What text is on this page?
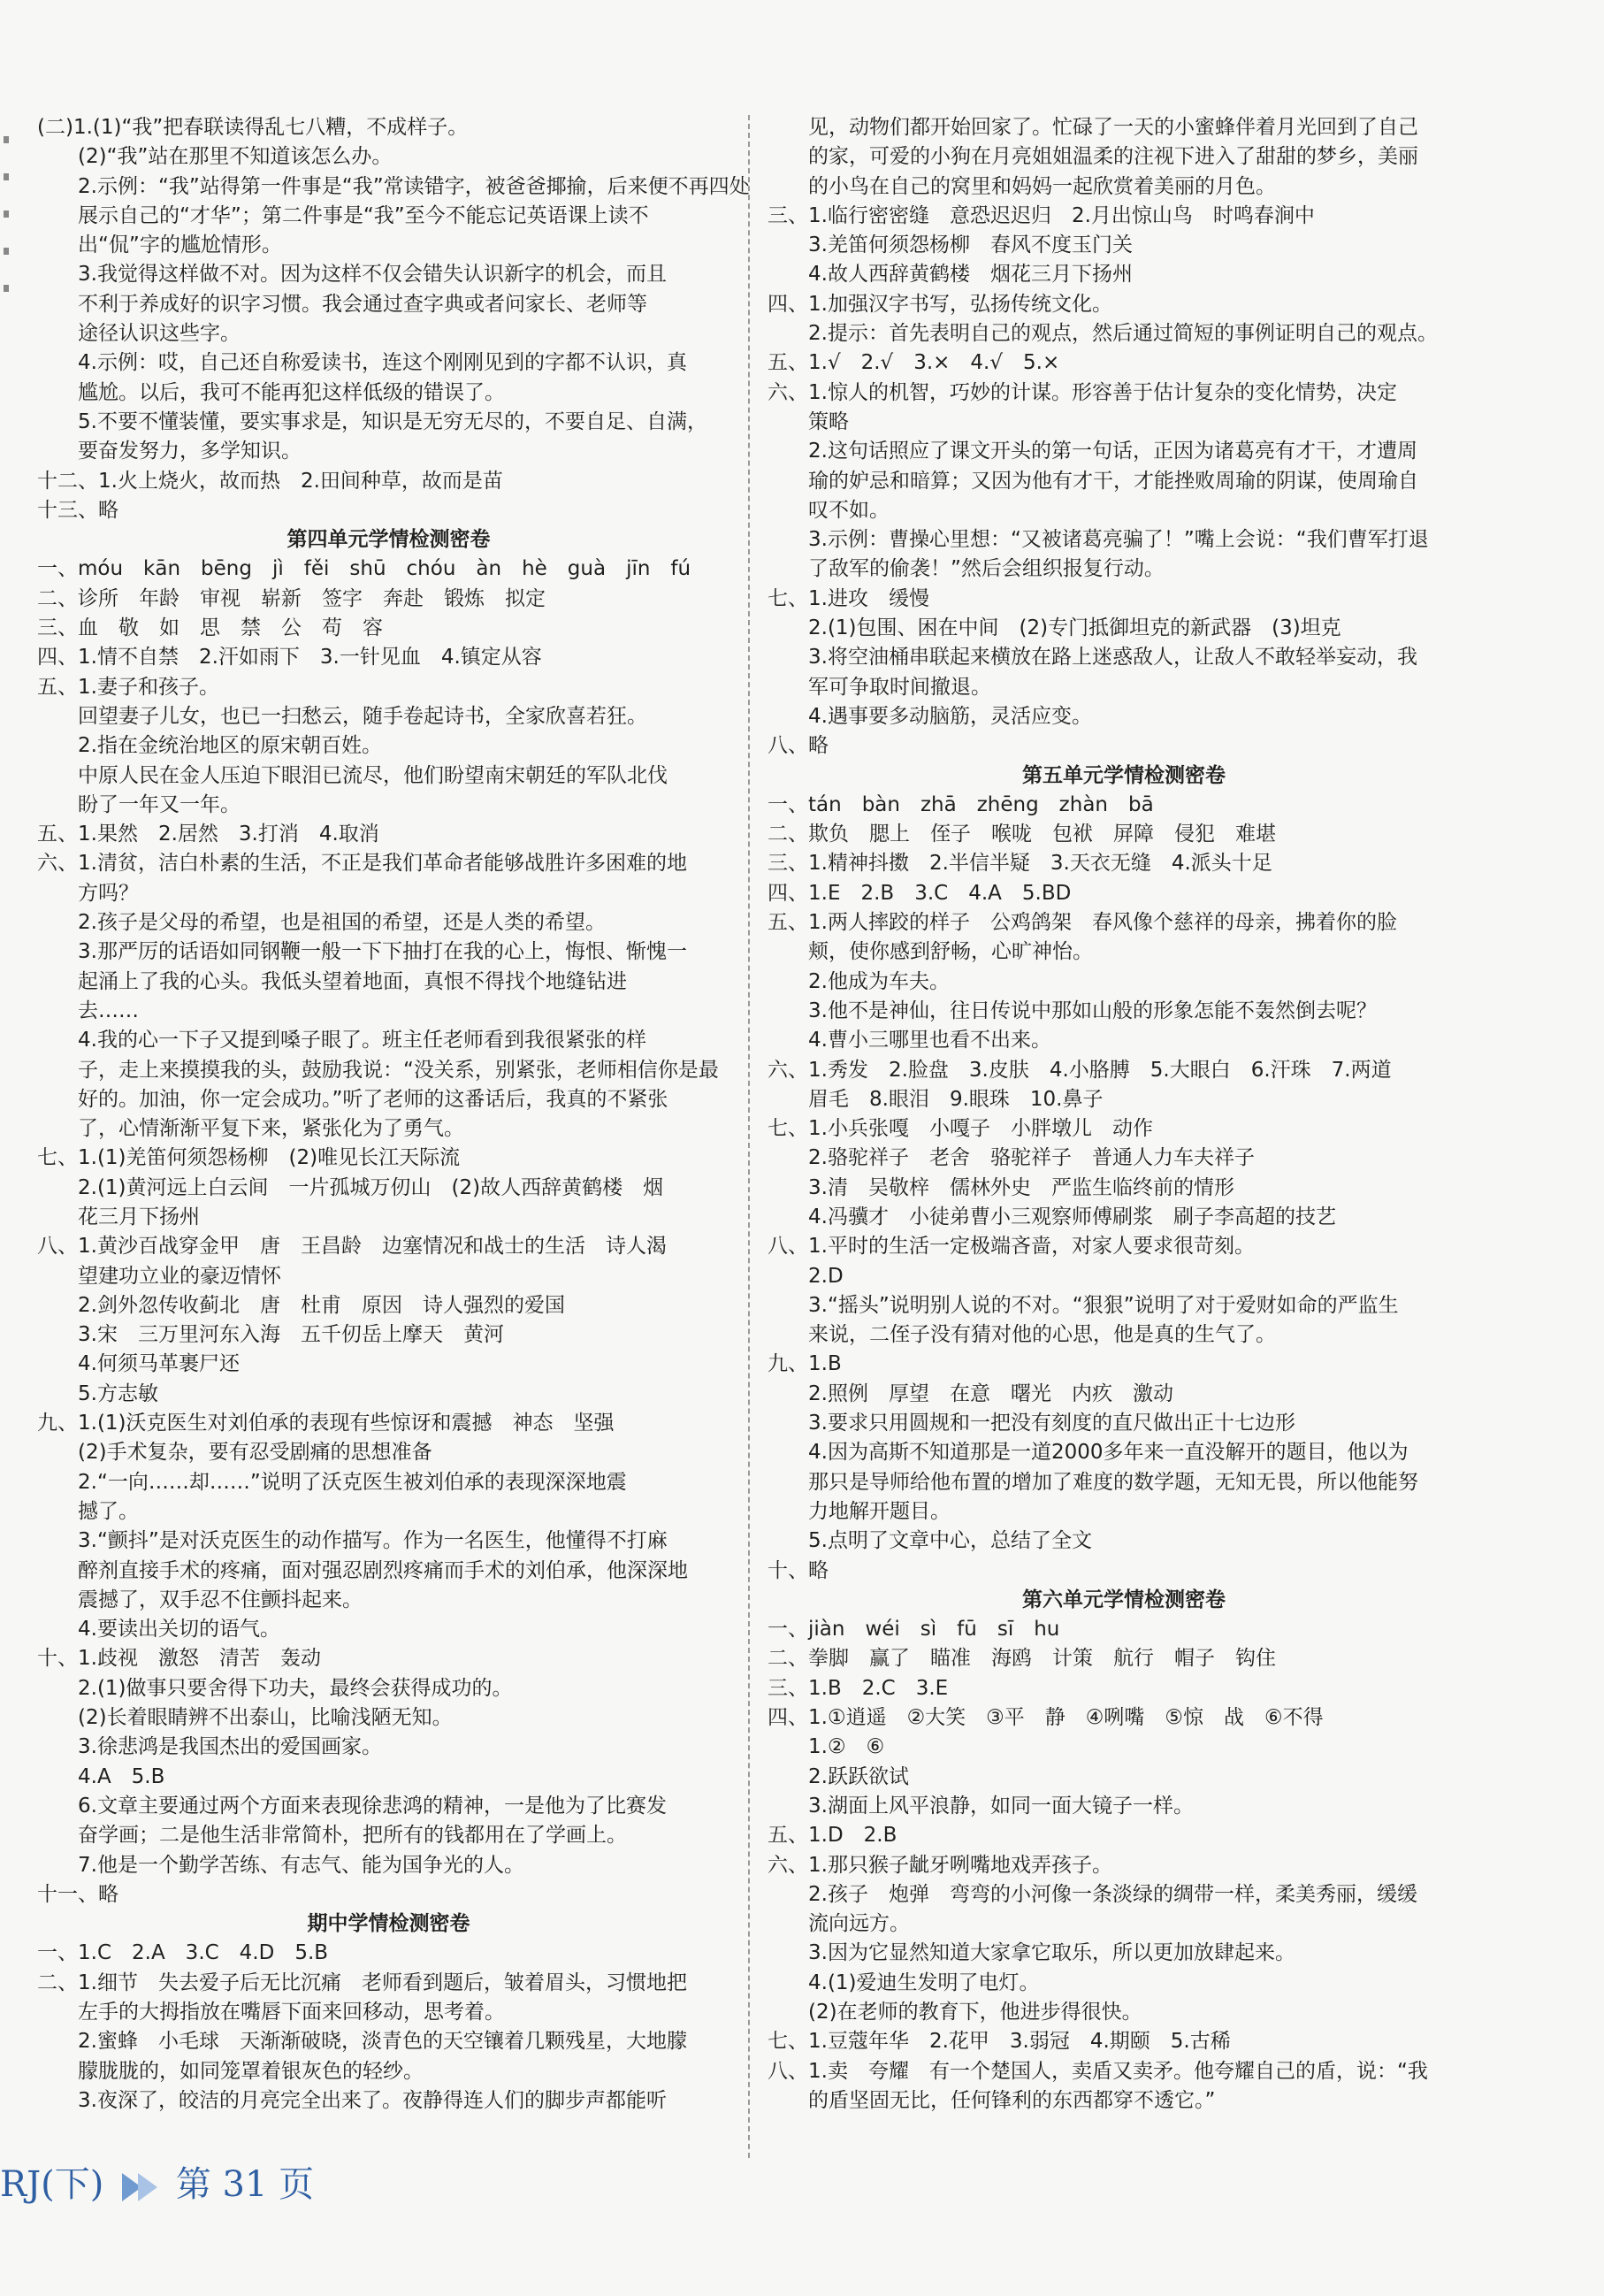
(二)1.(1)“我”把春联读得乱七八糟，不成样子。
(2)“我”站在那里不知道该怎么办。
2.示例：“我”站得第一件事是“我”常读错字，被爸爸揶揄，后来便不再四处
展示自己的“才华”；第二件事是“我”至今不能忘记英语课上读不
出“侃”字的尴尬情形。
3.我觉得这样做不对。因为这样不仅会错失认识新字的机会，而且
不利于养成好的识字习惯。我会通过查字典或者问家长、老师等
途径认识这些字。
4.示例：哎，自己还自称爱读书，连这个刚刚见到的字都不认识，真
尴尬。以后，我可不能再犯这样低级的错误了。
5.不要不懂装懂，要实事求是，知识是无穷无尽的，不要自足、自满，
要奋发努力，多学知识。
十二、1.火上烧火，故而热　2.田间种草，故而是苗
十三、略
第四单元学情检测密卷
一、móu　kān　bēng　jì　fěi　shū　chóu　àn　hè　guà　jīn　fú
二、诊所　年龄　审视　崭新　签字　奔赴　锻炼　拟定
三、血　敬　如　思　禁　公　苟　容
四、1.情不自禁　2.汗如雨下　3.一针见血　4.镇定从容
五、1.妻子和孩子。
回望妻子儿女，也已一扫愁云，随手卷起诗书，全家欣喜若狂。
2.指在金统治地区的原宋朝百姓。
中原人民在金人压迫下眼泪已流尽，他们盼望南宋朝廷的军队北伐
盼了一年又一年。
五、1.果然　2.居然　3.打消　4.取消
六、1.清贫，洁白朴素的生活，不正是我们革命者能够战胜许多困难的地
方吗？
2.孩子是父母的希望，也是祖国的希望，还是人类的希望。
3.那严厉的话语如同钢鞭一般一下下抽打在我的心上，悔恨、惭愧一
起涌上了我的心头。我低头望着地面，真恨不得找个地缝钻进
去……
4.我的心一下子又提到嗓子眼了。班主任老师看到我很紧张的样
子，走上来摸摸我的头，鼓励我说：“没关系，别紧张，老师相信你是最
好的。加油，你一定会成功。”听了老师的这番话后，我真的不紧张
了，心情渐渐平复下来，紧张化为了勇气。
七、1.(1)羌笛何须怨杨柳　(2)唯见长江天际流
2.(1)黄河远上白云间　一片孤城万仞山　(2)故人西辞黄鹤楼　烟
花三月下扬州
八、1.黄沙百战穿金甲　唐　王昌龄　边塞情况和战士的生活　诗人渴
望建功立业的豪迈情怀
2.剑外忽传收蓟北　唐　杜甫　原因　诗人强烈的爱国
3.宋　三万里河东入海　五千仞岳上摩天　黄河
4.何须马革裹尸还
5.方志敏
九、1.(1)沃克医生对刘伯承的表现有些惊讶和震撼　神态　坚强
(2)手术复杂，要有忍受剧痛的思想准备
2.“一向……却……”说明了沃克医生被刘伯承的表现深深地震
撼了。
3.“颤抖”是对沃克医生的动作描写。作为一名医生，他懂得不打麻
醉剂直接手术的疼痛，面对强忍剧烈疼痛而手术的刘伯承，他深深地
震撼了，双手忍不住颤抖起来。
4.要读出关切的语气。
十、1.歧视　激怒　清苦　轰动
2.(1)做事只要舍得下功夫，最终会获得成功的。
(2)长着眼睛辨不出泰山，比喻浅陋无知。
3.徐悲鸿是我国杰出的爱国画家。
4.A　5.B
6.文章主要通过两个方面来表现徐悲鸿的精神，一是他为了比赛发
奋学画；二是他生活非常简朴，把所有的钱都用在了学画上。
7.他是一个勤学苦练、有志气、能为国争光的人。
十一、略
期中学情检测密卷
一、1.C　2.A　3.C　4.D　5.B
二、1.细节　失去爱子后无比沉痛　老师看到题后，皱着眉头，习惯地把
左手的大拇指放在嘴唇下面来回移动，思考着。
2.蜜蜂　小毛球　天渐渐破晓，淡青色的天空镶着几颗残星，大地朦
朦胧胧的，如同笼罩着银灰色的轻纱。
3.夜深了，皎洁的月亮完全出来了。夜静得连人们的脚步声都能听
见，动物们都开始回家了。忙碌了一天的小蜜蜂伴着月光回到了自己
的家，可爱的小狗在月亮姐姐温柔的注视下进入了甜甜的梦乡，美丽
的小鸟在自己的窝里和妈妈一起欣赏着美丽的月色。
三、1.临行密密缝　意恐迟迟归　2.月出惊山鸟　时鸣春涧中
3.羌笛何须怨杨柳　春风不度玉门关
4.故人西辞黄鹤楼　烟花三月下扬州
四、1.加强汉字书写，弘扬传统文化。
2.提示：首先表明自己的观点，然后通过简短的事例证明自己的观点。
五、1.√　2.√　3.×　4.√　5.×
六、1.惊人的机智，巧妙的计谋。形容善于估计复杂的变化情势，决定
策略
2.这句话照应了课文开头的第一句话，正因为诸葛亮有才干，才遭周
瑜的妒忌和暗算；又因为他有才干，才能挫败周瑜的阴谋，使周瑜自
叹不如。
3.示例：曹操心里想：“又被诸葛亮骗了！”嘴上会说：“我们曹军打退
了敌军的偷袭！”然后会组织报复行动。
七、1.进攻　缓慢
2.(1)包围、困在中间　(2)专门抵御坦克的新武器　(3)坦克
3.将空油桶串联起来横放在路上迷惑敌人，让敌人不敢轻举妄动，我
军可争取时间撤退。
4.遇事要多动脑筋，灵活应变。
八、略
第五单元学情检测密卷
一、tán　bàn　zhā　zhēng　zhàn　bā
二、欺负　腮上　侄子　喉咙　包袱　屏障　侵犯　难堪
三、1.精神抖擞　2.半信半疑　3.天衣无缝　4.派头十足
四、1.E　2.B　3.C　4.A　5.BD
五、1.两人摔跤的样子　公鸡鸽架　春风像个慈祥的母亲，拂着你的脸
颊，使你感到舒畅，心旷神怡。
2.他成为车夫。
3.他不是神仙，往日传说中那如山般的形象怎能不轰然倒去呢？
4.曹小三哪里也看不出来。
六、1.秀发　2.脸盘　3.皮肤　4.小胳膊　5.大眼白　6.汗珠　7.两道
眉毛　8.眼泪　9.眼珠　10.鼻子
七、1.小兵张嘎　小嘎子　小胖墩儿　动作
2.骆驼祥子　老舍　骆驼祥子　普通人力车夫祥子
3.清　吴敬梓　儒林外史　严监生临终前的情形
4.冯骥才　小徒弟曹小三观察师傅刷浆　刷子李高超的技艺
八、1.平时的生活一定极端吝啬，对家人要求很苛刻。
2.D
3.“摇头”说明别人说的不对。“狠狠”说明了对于爱财如命的严监生
来说，二侄子没有猜对他的心思，他是真的生气了。
九、1.B
2.照例　厚望　在意　曙光　内疚　激动
3.要求只用圆规和一把没有刻度的直尺做出正十七边形
4.因为高斯不知道那是一道2000多年来一直没解开的题目，他以为
那只是导师给他布置的增加了难度的数学题，无知无畏，所以他能努
力地解开题目。
5.点明了文章中心，总结了全文
十、略
第六单元学情检测密卷
一、jiàn　wéi　sì　fū　sī　hu
二、拳脚　赢了　瞄准　海鸥　计策　航行　帽子　钩住
三、1.B　2.C　3.E
四、1.①逍遥　②大笑　③平　静　④咧嘴　⑤惊　战　⑥不得
1.②　⑥
2.跃跃欲试
3.湖面上风平浪静，如同一面大镜子一样。
五、1.D　2.B
六、1.那只猴子龇牙咧嘴地戏弄孩子。
2.孩子　炮弹　弯弯的小河像一条淡绿的绸带一样，柔美秀丽，缓缓
流向远方。
3.因为它显然知道大家拿它取乐，所以更加放肆起来。
4.(1)爱迪生发明了电灯。
(2)在老师的教育下，他进步得很快。
七、1.豆蔻年华　2.花甲　3.弱冠　4.期颐　5.古稀
八、1.卖　夸耀　有一个楚国人，卖盾又卖矛。他夸耀自己的盾，说：“我
的盾坚固无比，任何锋利的东西都穿不透它。”
RJ(下) 第 31 页
